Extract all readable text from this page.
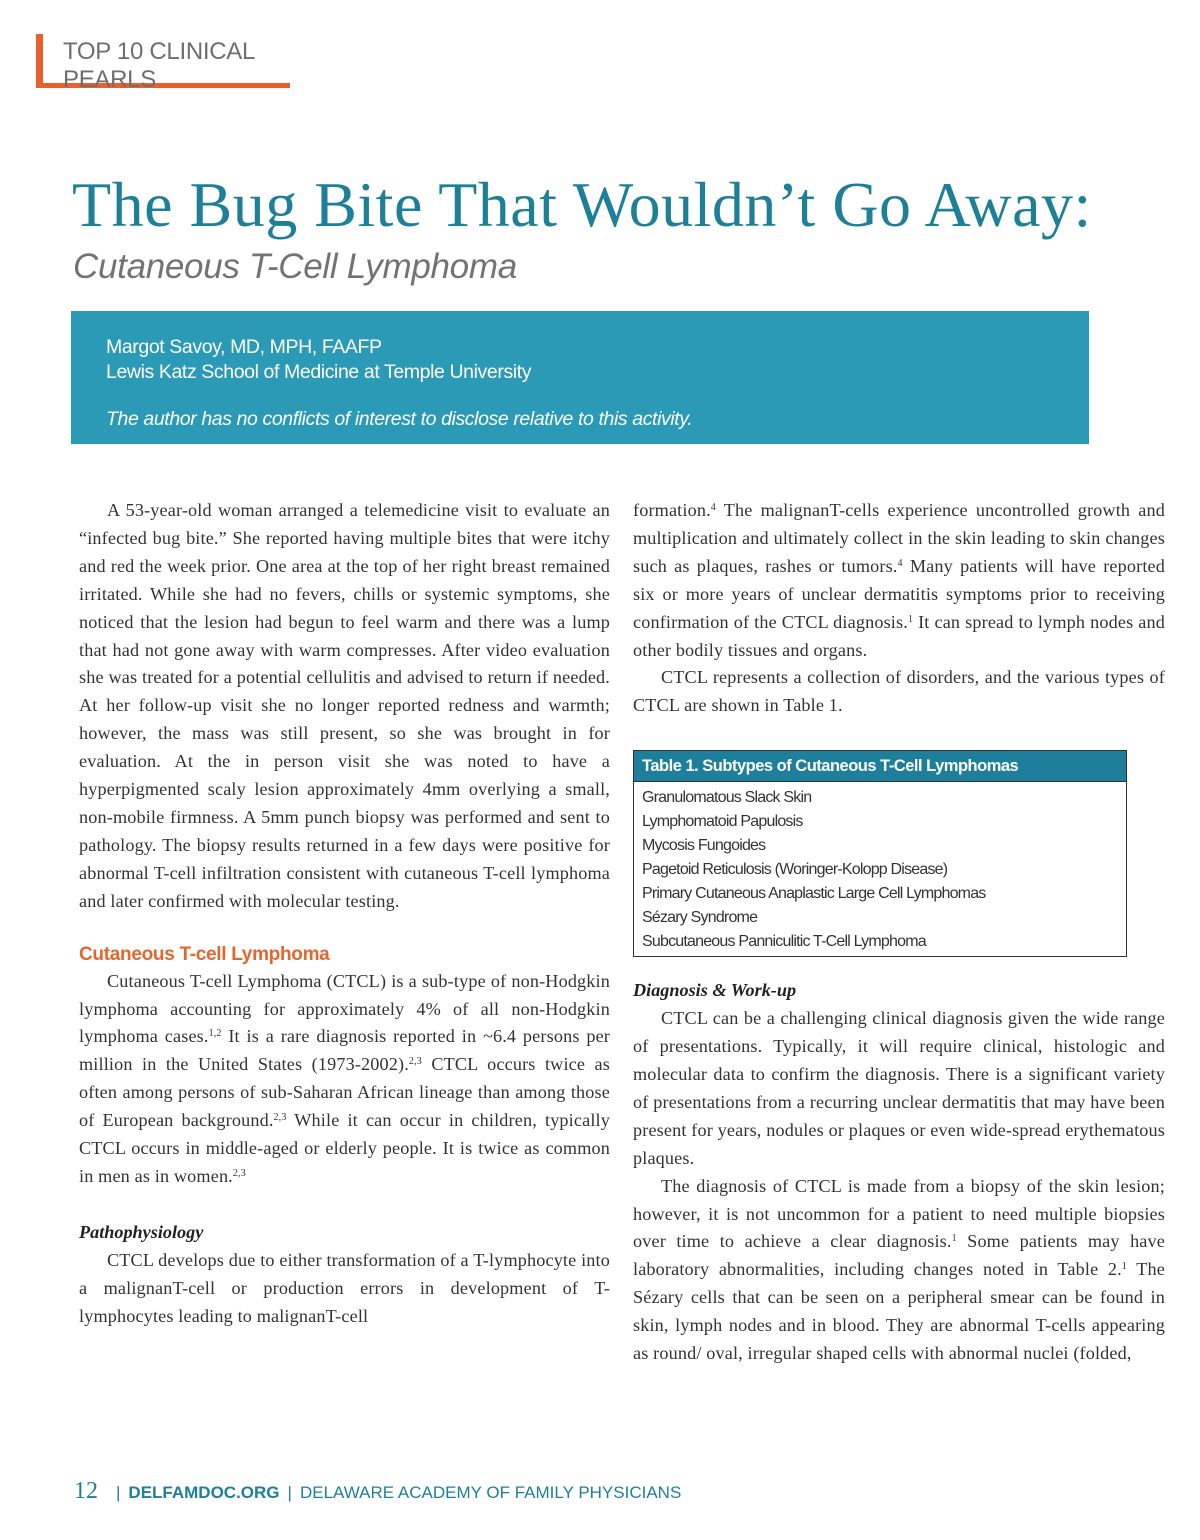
TOP 10 CLINICAL PEARLS
The Bug Bite That Wouldn’t Go Away:
Cutaneous T-Cell Lymphoma
Margot Savoy, MD, MPH, FAAFP
Lewis Katz School of Medicine at Temple University
The author has no conflicts of interest to disclose relative to this activity.

A 53-year-old woman arranged a telemedicine visit to evaluate an “infected bug bite.” She reported having multiple bites that were itchy and red the week prior. One area at the top of her right breast remained irritated. While she had no fevers, chills or systemic symptoms, she noticed that the lesion had begun to feel warm and there was a lump that had not gone away with warm compresses. After video evaluation she was treated for a potential cellulitis and advised to return if needed. At her follow-up visit she no longer reported redness and warmth; however, the mass was still present, so she was brought in for evaluation. At the in person visit she was noted to have a hyperpigmented scaly lesion approximately 4mm overlying a small, non-mobile firmness. A 5mm punch biopsy was performed and sent to pathology. The biopsy results returned in a few days were positive for abnormal T-cell infiltration consistent with cutaneous T-cell lymphoma and later confirmed with molecular testing.

Cutaneous T-cell Lymphoma

Cutaneous T-cell Lymphoma (CTCL) is a sub-type of non-Hodgkin lymphoma accounting for approximately 4% of all non-Hodgkin lymphoma cases.$^{1,2}$ It is a rare diagnosis reported in ~6.4 persons per million in the United States (1973-2002).$^{2,3}$ CTCL occurs twice as often among persons of sub-Saharan African lineage than among those of European background.$^{2,3}$ While it can occur in children, typically CTCL occurs in middle-aged or elderly people. It is twice as common in men as in women.$^{2,3}$

Pathophysiology

CTCL develops due to either transformation of a T-lymphocyte into a malignanT-cell or production errors in development of T-lymphocytes leading to malignanT-cell

formation.$^4$ The malignanT-cells experience uncontrolled growth and multiplication and ultimately collect in the skin leading to skin changes such as plaques, rashes or tumors.$^4$ Many patients will have reported six or more years of unclear dermatitis symptoms prior to receiving confirmation of the CTCL diagnosis.$^1$ It can spread to lymph nodes and other bodily tissues and organs.

CTCL represents a collection of disorders, and the various types of CTCL are shown in Table 1.

Table 1. Subtypes of Cutaneous T-Cell Lymphomas
Granulomatous Slack Skin
Lymphomatoid Papulosis
Mycosis Fungoides
Pagetoid Reticulosis (Woringer-Kolopp Disease)
Primary Cutaneous Anaplastic Large Cell Lymphomas
Sézary Syndrome
Subcutaneous Panniculitic T-Cell Lymphoma
Diagnosis & Work-up

CTCL can be a challenging clinical diagnosis given the wide range of presentations. Typically, it will require clinical, histologic and molecular data to confirm the diagnosis. There is a significant variety of presentations from a recurring unclear dermatitis that may have been present for years, nodules or plaques or even wide-spread erythematous plaques.

The diagnosis of CTCL is made from a biopsy of the skin lesion; however, it is not uncommon for a patient to need multiple biopsies over time to achieve a clear diagnosis.$^1$ Some patients may have laboratory abnormalities, including changes noted in Table 2.$^1$ The Sézary cells that can be seen on a peripheral smear can be found in skin, lymph nodes and in blood. They are abnormal T-cells appearing as round/ oval, irregular shaped cells with abnormal nuclei (folded,

12 | DELFAMDOC.ORG | DELAWARE ACADEMY OF FAMILY PHYSICIANS
